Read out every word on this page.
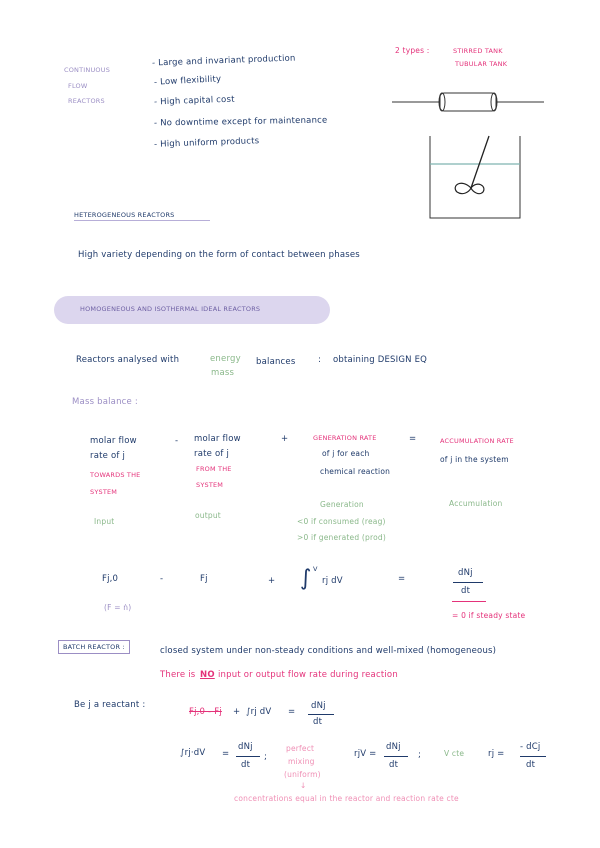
CONTINUOUS
FLOW
REACTORS
- Large and invariant production
- Low flexibility
- High capital cost
- No downtime except for maintenance
- High uniform products
2 types :	STIRRED TANK
TUBULAR TANK
HETEROGENEOUS REACTORS
High variety depending on the form of contact between phases
HOMOGENEOUS AND ISOTHERMAL IDEAL REACTORS
Reactors analysed with	energy
mass
balances	: obtaining DESIGN EQ
Mass balance :
molar flow
rate of j
TOWARDS THE
SYSTEM
- molar flow
rate of j
FROM THE
SYSTEM
+	GENERATION RATE
of j for each
chemical reaction
=	ACCUMULATION RATE
of j in the system
Input
output
Generation
<0 if consumed (reag)
>0 if generated (prod)
Accumulation
Fj,0	-	Fj	+ ∫ V
rj dV	=
dNj
dt
(F = ṅ)
= 0 if steady state
BATCH REACTOR :	closed system under non-steady conditions and well-mixed (homogeneous)
There is NO input or output flow rate during reaction
Be j a reactant :
Fj,0 - Fj + ∫rj dV =
dNj
dt
∫rj·dV =
dNj
dt
;
perfect
mixing
(uniform)
↓
rjV =
dNj
dt
;	V cte	rj =
- dCj
dt
concentrations equal in the reactor and reaction rate cte
